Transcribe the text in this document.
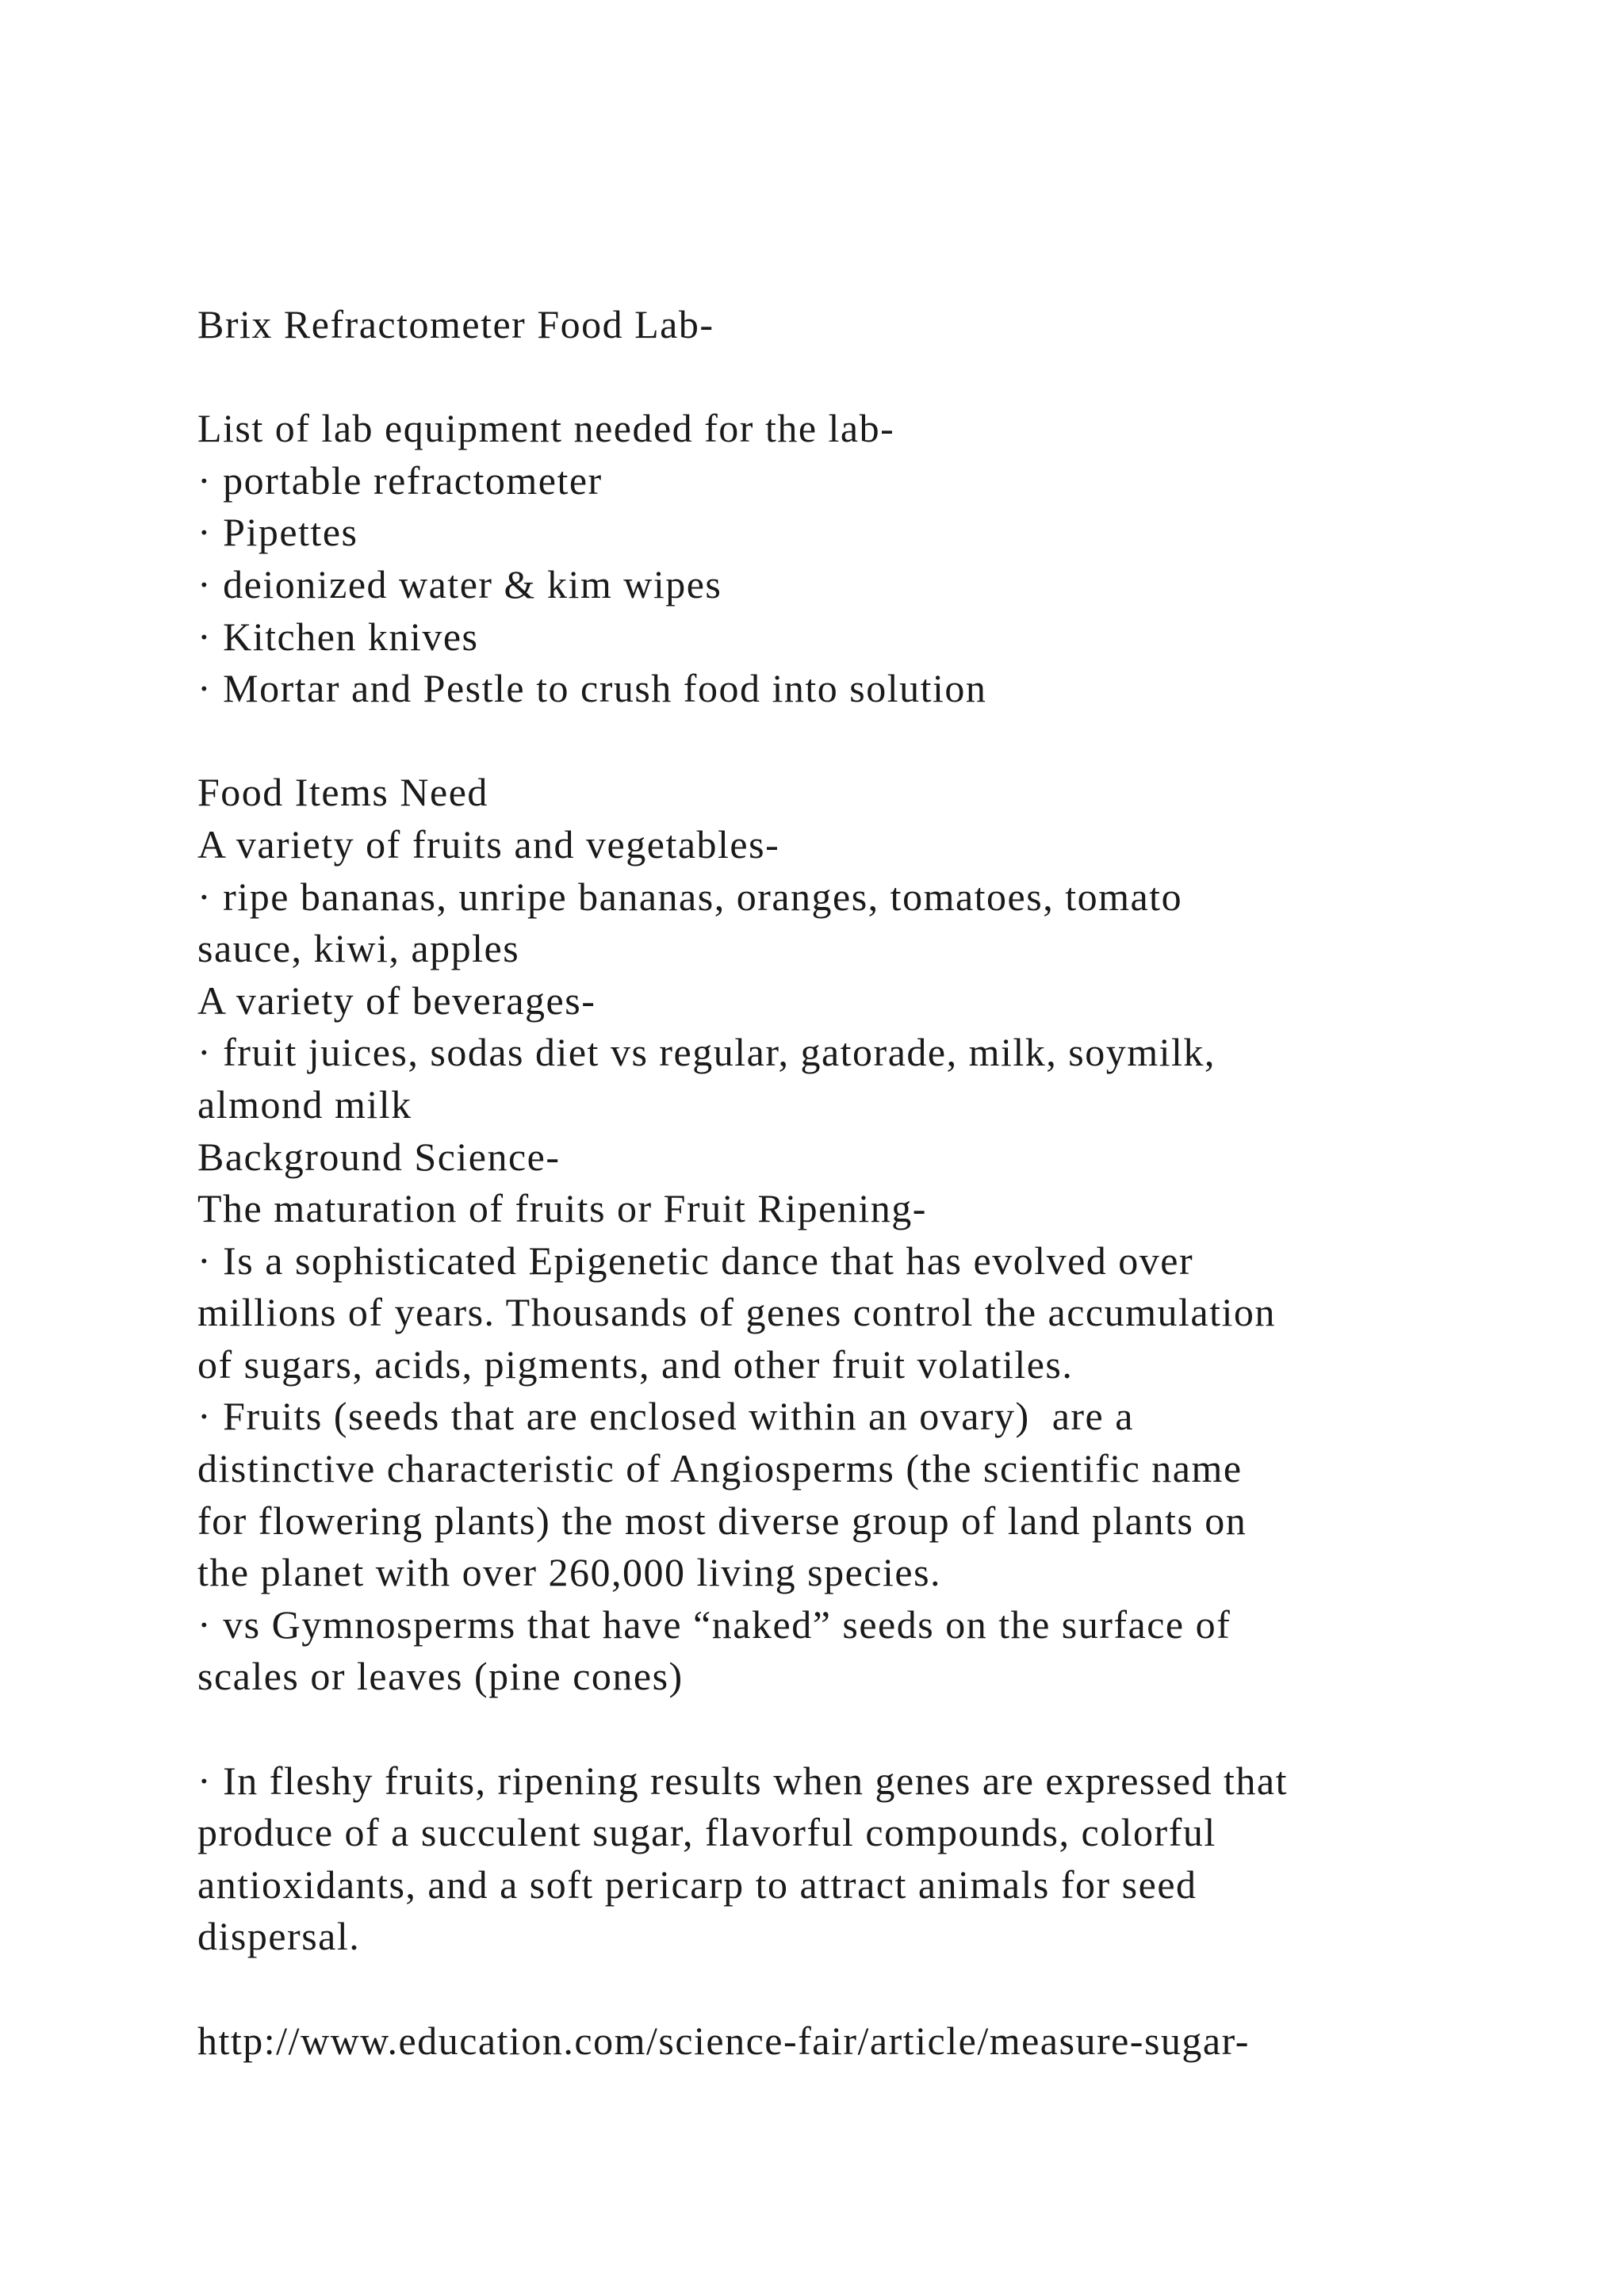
Brix Refractometer Food Lab-
List of lab equipment needed for the lab-
· portable refractometer
· Pipettes
· deionized water & kim wipes
· Kitchen knives
· Mortar and Pestle to crush food into solution
Food Items Need
A variety of fruits and vegetables-
· ripe bananas, unripe bananas, oranges, tomatoes, tomato
sauce, kiwi, apples
A variety of beverages-
· fruit juices, sodas diet vs regular, gatorade, milk, soymilk,
almond milk
Background Science-
The maturation of fruits or Fruit Ripening-
· Is a sophisticated Epigenetic dance that has evolved over
millions of years. Thousands of genes control the accumulation
of sugars, acids, pigments, and other fruit volatiles.
· Fruits (seeds that are enclosed within an ovary)  are a
distinctive characteristic of Angiosperms (the scientific name
for flowering plants) the most diverse group of land plants on
the planet with over 260,000 living species.
· vs Gymnosperms that have “naked” seeds on the surface of
scales or leaves (pine cones)
· In fleshy fruits, ripening results when genes are expressed that
produce of a succulent sugar, flavorful compounds, colorful
antioxidants, and a soft pericarp to attract animals for seed
dispersal.
http://www.education.com/science-fair/article/measure-sugar-
